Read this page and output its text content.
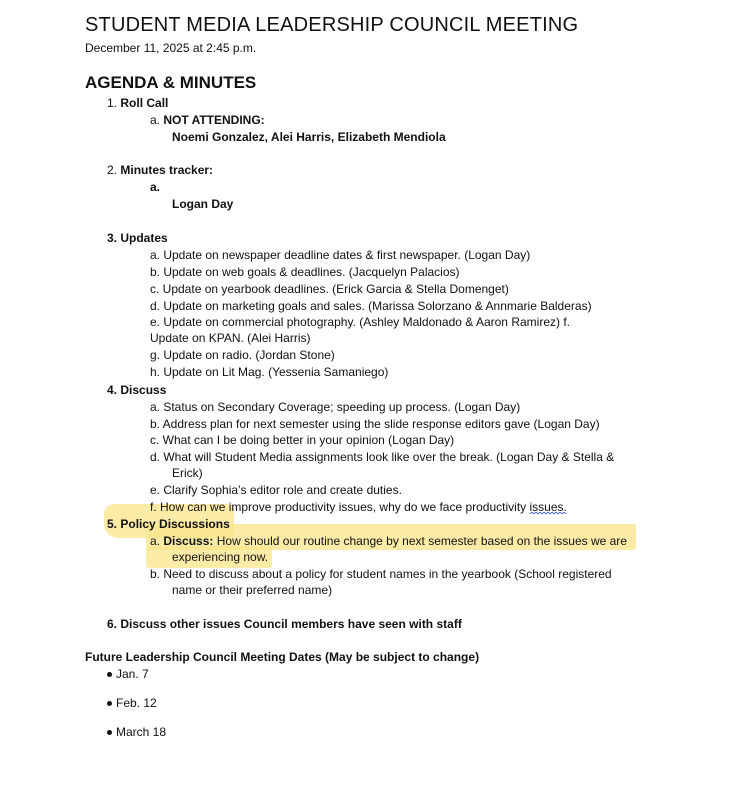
STUDENT MEDIA LEADERSHIP COUNCIL MEETING
December 11, 2025 at 2:45 p.m.
AGENDA & MINUTES
1. Roll Call
a. NOT ATTENDING:
Noemi Gonzalez, Alei Harris, Elizabeth Mendiola
2. Minutes tracker:
a.
Logan Day
3. Updates
a. Update on newspaper deadline dates & first newspaper. (Logan Day)
b. Update on web goals & deadlines. (Jacquelyn Palacios)
c. Update on yearbook deadlines. (Erick Garcia & Stella Domenget)
d. Update on marketing goals and sales. (Marissa Solorzano & Annmarie Balderas)
e. Update on commercial photography. (Ashley Maldonado & Aaron Ramirez) f.
Update on KPAN. (Alei Harris)
g. Update on radio. (Jordan Stone)
h. Update on Lit Mag. (Yessenia Samaniego)
4. Discuss
a. Status on Secondary Coverage; speeding up process. (Logan Day)
b. Address plan for next semester using the slide response editors gave (Logan Day)
c. What can I be doing better in your opinion (Logan Day)
d. What will Student Media assignments look like over the break. (Logan Day & Stella &
Erick)
e. Clarify Sophia’s editor role and create duties.
f. How can we improve productivity issues, why do we face productivity issues.
5. Policy Discussions
a. Discuss: How should our routine change by next semester based on the issues we are
experiencing now.
b. Need to discuss about a policy for student names in the yearbook (School registered
name or their preferred name)
6. Discuss other issues Council members have seen with staff
Future Leadership Council Meeting Dates (May be subject to change)
Jan. 7
Feb. 12
March 18
